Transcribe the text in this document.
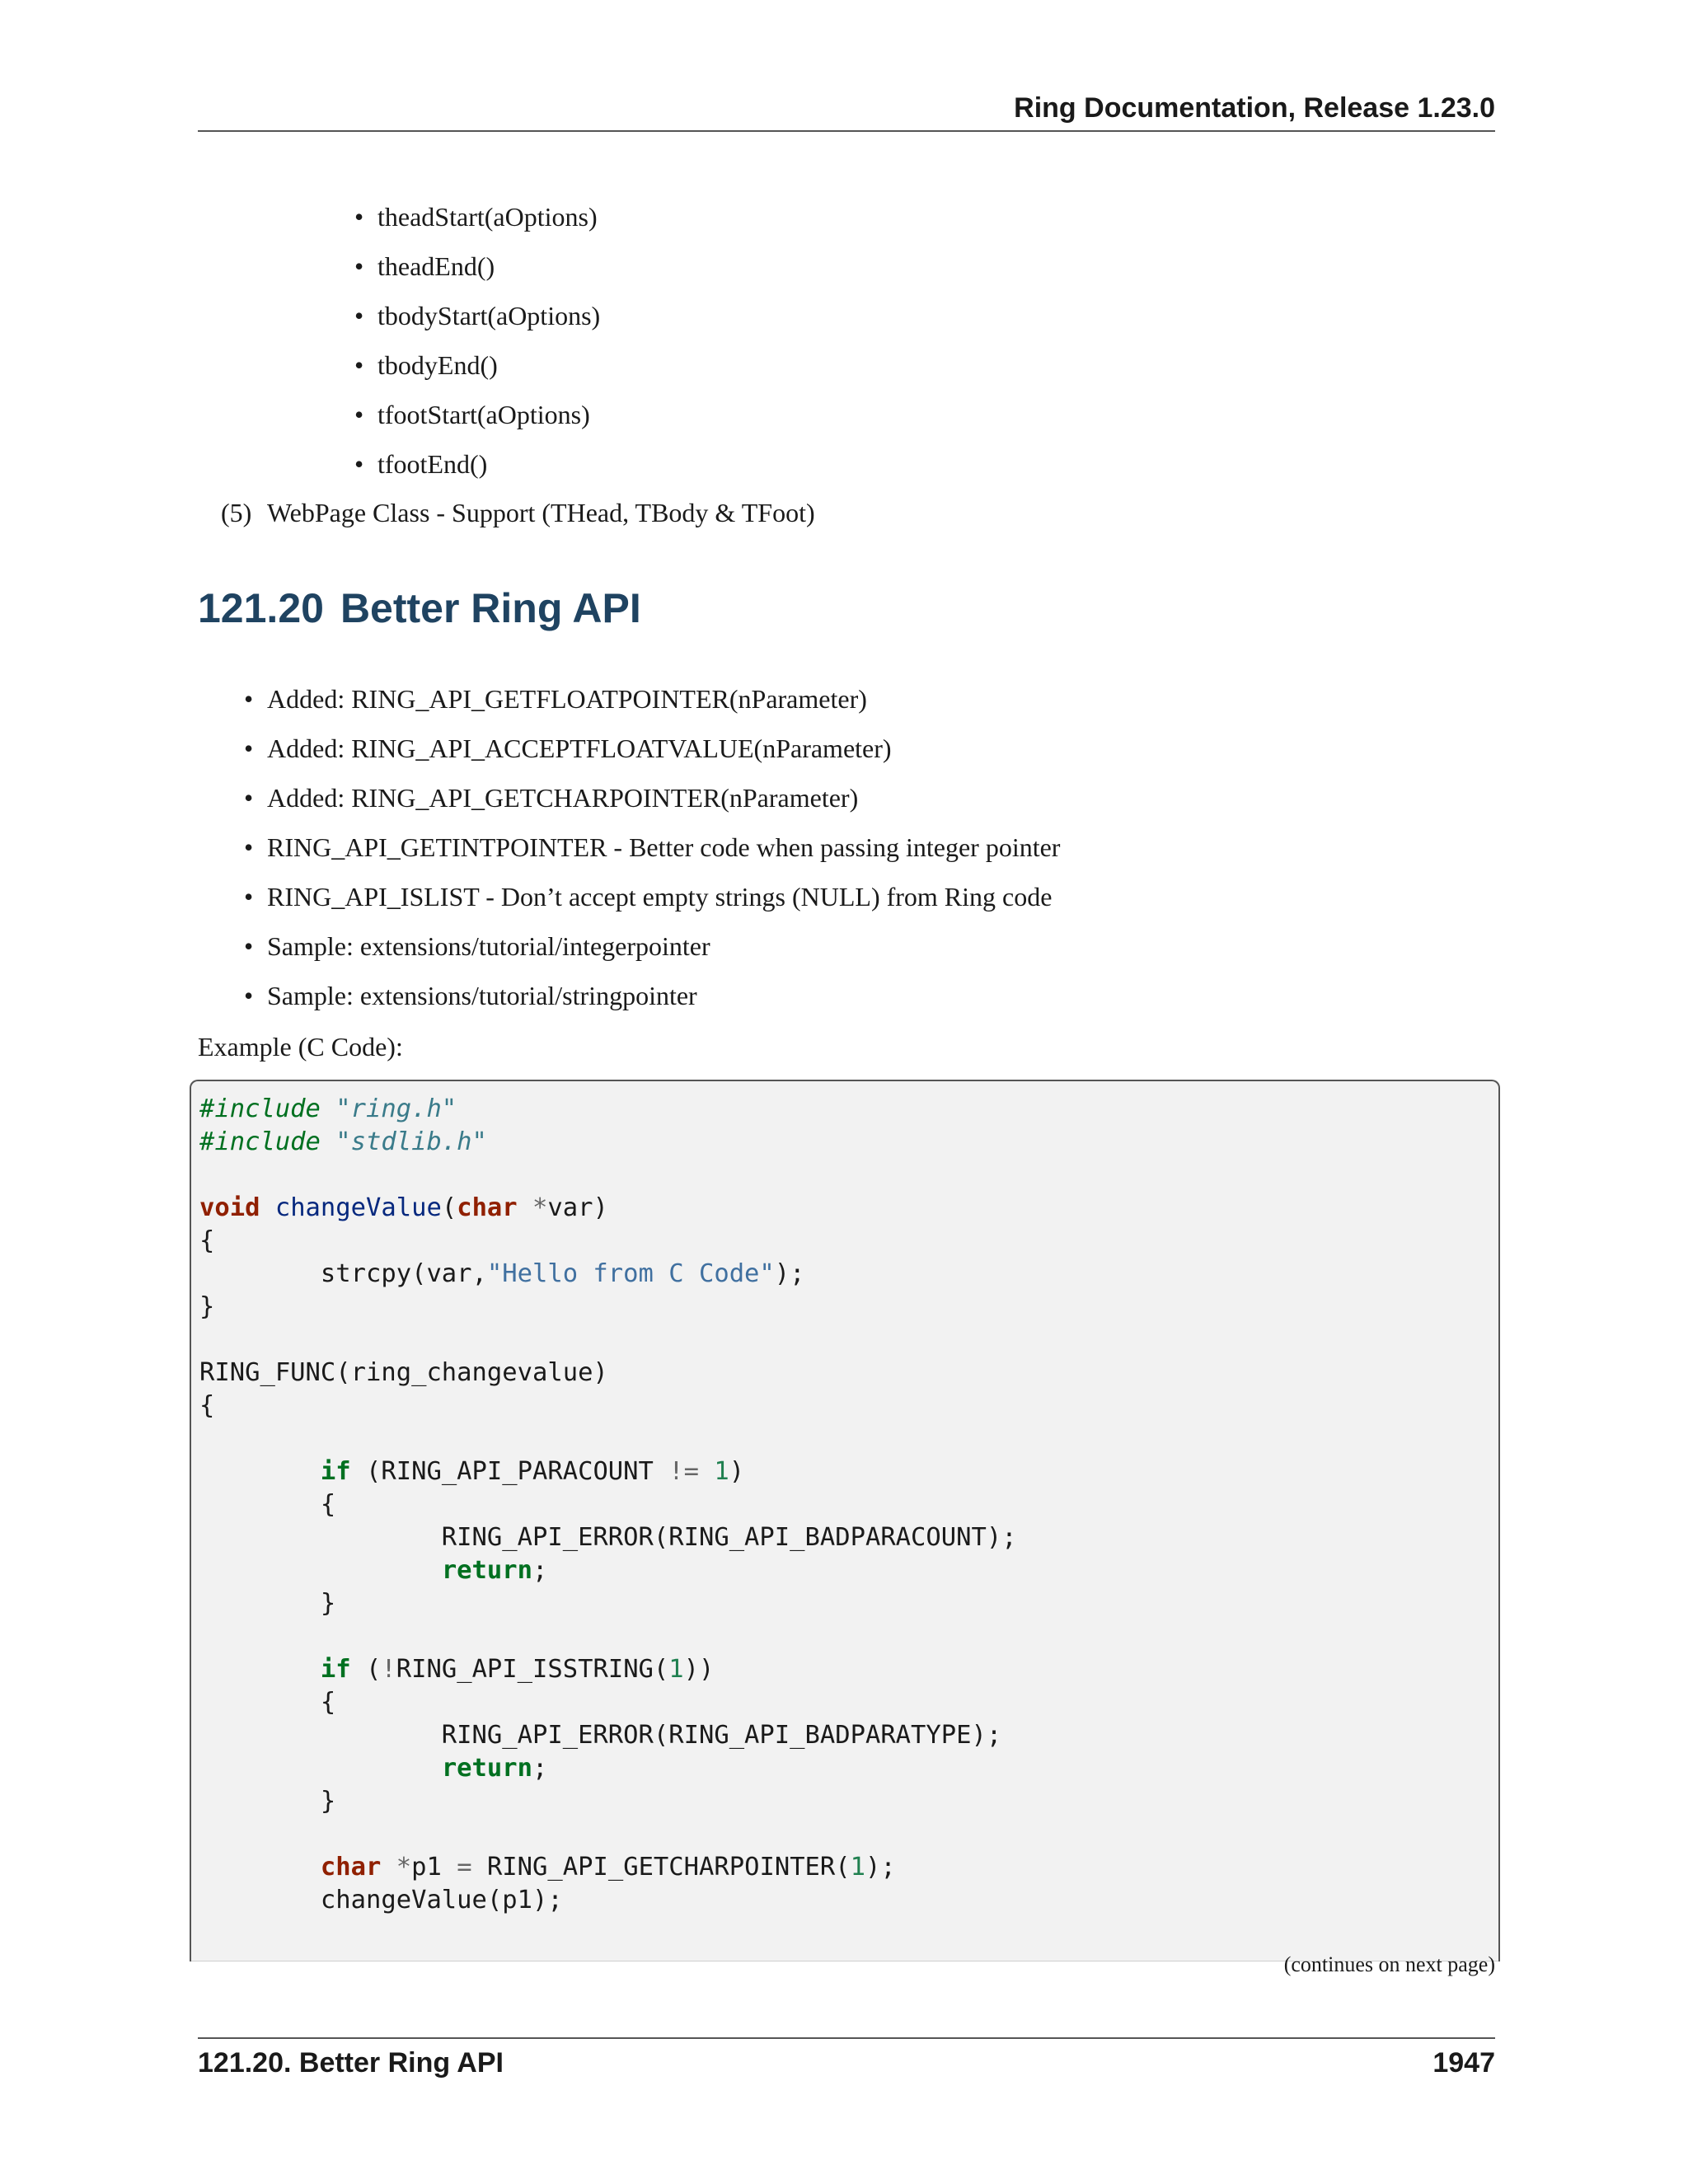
Ring Documentation, Release 1.23.0
• theadStart(aOptions)
• theadEnd()
• tbodyStart(aOptions)
• tbodyEnd()
• tfootStart(aOptions)
• tfootEnd()
(5) WebPage Class - Support (THead, TBody & TFoot)
121.20 Better Ring API
• Added: RING_API_GETFLOATPOINTER(nParameter)
• Added: RING_API_ACCEPTFLOATVALUE(nParameter)
• Added: RING_API_GETCHARPOINTER(nParameter)
• RING_API_GETINTPOINTER - Better code when passing integer pointer
• RING_API_ISLIST - Don’t accept empty strings (NULL) from Ring code
• Sample: extensions/tutorial/integerpointer
• Sample: extensions/tutorial/stringpointer
Example (C Code):
#include "ring.h"
#include "stdlib.h"
void changeValue(char *var)
{
strcpy(var,"Hello from C Code");
}
RING_FUNC(ring_changevalue)
{
if (RING_API_PARACOUNT != 1)
{
RING_API_ERROR(RING_API_BADPARACOUNT);
return;
}
if (!RING_API_ISSTRING(1))
{
RING_API_ERROR(RING_API_BADPARATYPE);
return;
}
char *p1 = RING_API_GETCHARPOINTER(1);
changeValue(p1);
(continues on next page)
121.20. Better Ring API	1947
